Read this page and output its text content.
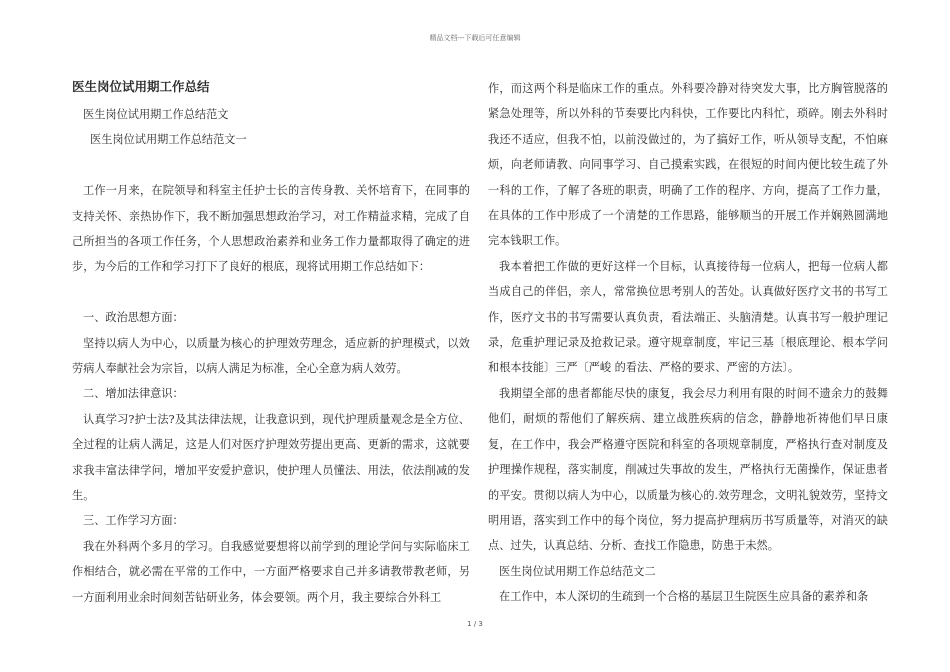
精品文档---下载后可任意编辑
医生岗位试用期工作总结

医生岗位试用期工作总结范文

医生岗位试用期工作总结范文一

工作一月来，在院领导和科室主任护士长的言传身教、关怀培育下，在同事的支持关怀、亲热协作下，我不断加强思想政治学习，对工作精益求精，完成了自己所担当的各项工作任务，个人思想政治素养和业务工作力量都取得了确定的进步，为今后的工作和学习打下了良好的根底，现将试用期工作总结如下：

一、政治思想方面：

坚持以病人为中心，以质量为核心的护理效劳理念，适应新的护理模式，以效劳病人奉献社会为宗旨，以病人满足为标准，全心全意为病人效劳。

二、增加法律意识：

认真学习?护士法?及其法律法规，让我意识到，现代护理质量观念是全方位、全过程的让病人满足，这是人们对医疗护理效劳提出更高、更新的需求，这就要求我丰富法律学问，增加平安爱护意识，使护理人员懂法、用法，依法削减的发生。

三、工作学习方面：

我在外科两个多月的学习。自我感觉要想将以前学到的理论学问与实际临床工作相结合，就必需在平常的工作中，一方面严格要求自己并多请教带教老师，另一方面利用业余时间刻苦钻研业务，体会要领。两个月，我主要综合外科工

作，而这两个科是临床工作的重点。外科要冷静对待突发大事，比方胸管脱落的紧急处理等，所以外科的节奏要比内科快，工作要比内科忙，琐碎。刚去外科时我还不适应，但我不怕，以前没做过的，为了搞好工作，听从领导支配，不怕麻烦，向老师请教、向同事学习、自己摸索实践，在很短的时间内便比较生疏了外一科的工作，了解了各班的职责，明确了工作的程序、方向，提高了工作力量，在具体的工作中形成了一个清楚的工作思路，能够顺当的开展工作并娴熟圆满地完本钱职工作。

我本着把工作做的更好这样一个目标，认真接待每一位病人，把每一位病人都当成自己的伴侣，亲人，常常换位思考别人的苦处。认真做好医疗文书的书写工作，医疗文书的书写需要认真负责，看法端正、头脑清楚。认真书写一般护理记录，危重护理记录及抢救记录。遵守规章制度，牢记三基〔根底理论、根本学问和根本技能〕三严〔严峻 的看法、严格的要求、严密的方法〕。

我期望全部的患者都能尽快的康复，我会尽力利用有限的时间不遗余力的鼓舞他们，耐烦的帮他们了解疾病、建立战胜疾病的信念，静静地祈祷他们早日康复，在工作中，我会严格遵守医院和科室的各项规章制度，严格执行查对制度及护理操作规程，落实制度，削减过失事故的发生，严格执行无菌操作，保证患者的平安。贯彻以病人为中心，以质量为核心的.效劳理念，文明礼貌效劳，坚持文明用语，落实到工作中的每个岗位，努力提高护理病历书写质量等，对消灭的缺点、过失，认真总结、分析、查找工作隐患，防患于未然。

医生岗位试用期工作总结范文二

在工作中，本人深切的生疏到一个合格的基层卫生院医生应具备的素养和条

1 / 3
